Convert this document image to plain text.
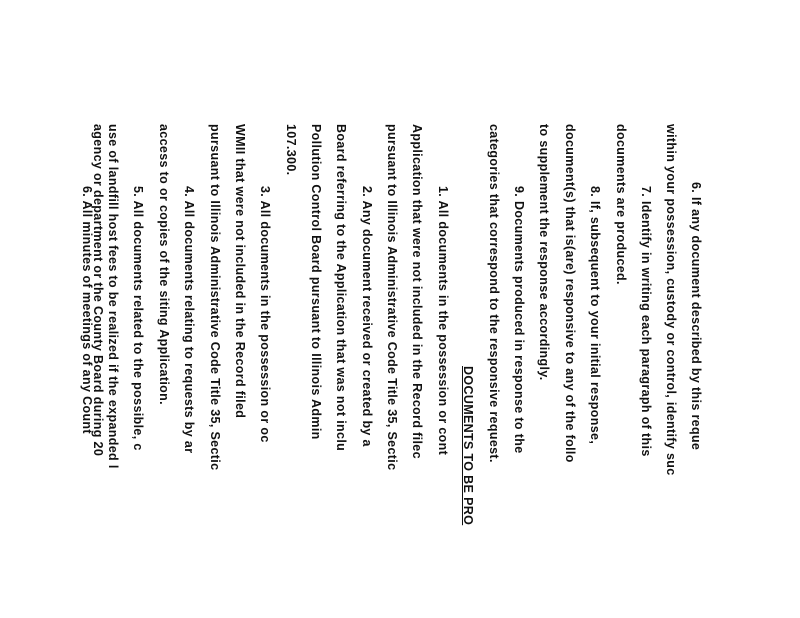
6. If any document described by this reque
within your possession, custody or control, identify suc
7. Identify in writing each paragraph of this
documents are produced.
8. If, subsequent to your initial response,
document(s) that is(are) responsive to any of the follo
to supplement the response accordingly.
9. Documents produced in response to the
categories that correspond to the responsive request.
DOCUMENTS TO BE PRO
1. All documents in the possession or cont
Application that were not included in the Record filec
pursuant to Illinois Administrative Code Title 35, Sectic
2. Any document received or created by a
Board referring to the Application that was not inclu
Pollution Control Board pursuant to Illinois Admin
107.300.
3. All documents in the possession or oc
WMII that were not included in the Record filed
pursuant to Illinois Administrative Code Title 35, Sectic
4. All documents relating to requests by ar
access to or copies of the siting Application.
5. All documents related to the possible, c
use of landfill host fees to be realized if the expanded l
6. All minutes of meetings of any Count
agency or department or the County Board during 20
